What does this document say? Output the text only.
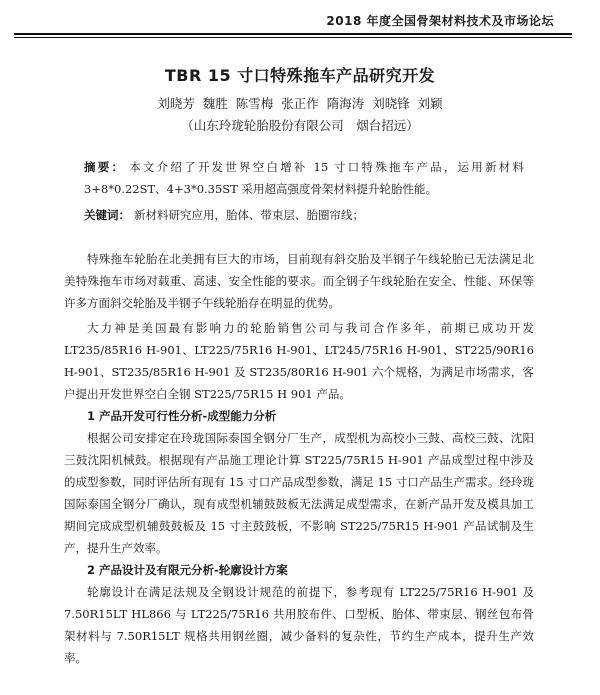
2018 年度全国骨架材料技术及市场论坛
TBR 15 寸口特殊拖车产品研究开发
刘晓芳 魏胜 陈雪梅 张正作 隋海涛 刘晓锋 刘颖
（山东玲珑轮胎股份有限公司　烟台招远）
摘要： 本文介绍了开发世界空白增补 15 寸口特殊拖车产品，运用新材料 3+8*0.22ST、4+3*0.35ST 采用超高强度骨架材料提升轮胎性能。
关键词： 新材料研究应用，胎体、带束层、胎圈帘线；

特殊拖车轮胎在北美拥有巨大的市场，目前现有斜交胎及半钢子午线轮胎已无法满足北美特殊拖车市场对载重、高速、安全性能的要求。而全钢子午线轮胎在安全、性能、环保等许多方面斜交轮胎及半钢子午线轮胎存在明显的优势。

大力神是美国最有影响力的轮胎销售公司与我司合作多年，前期已成功开发 LT235/85R16 H-901、LT225/75R16 H-901、LT245/75R16 H-901、ST225/90R16 H-901、ST235/85R16 H-901 及 ST235/80R16 H-901 六个规格，为满足市场需求，客户提出开发世界空白全钢 ST225/75R15 H 901 产品。

1 产品开发可行性分析-成型能力分析

根据公司安排定在玲珑国际泰国全钢分厂生产，成型机为高校小三鼓、高校三鼓、沈阳三鼓沈阳机械鼓。根据现有产品施工理论计算 ST225/75R15 H-901 产品成型过程中涉及的成型参数，同时评估所有现有 15 寸口产品成型参数，满足 15 寸口产品生产需求。经玲珑国际泰国全钢分厂确认，现有成型机辅鼓鼓板无法满足成型需求，在新产品开发及模具加工期间完成成型机辅鼓鼓板及 15 寸主鼓鼓板，不影响 ST225/75R15 H-901 产品试制及生产，提升生产效率。

2 产品设计及有限元分析-轮廓设计方案

轮廓设计在满足法规及全钢设计规范的前提下，参考现有 LT225/75R16 H-901 及 7.50R15LT HL866 与 LT225/75R16 共用胶布件、口型板、胎体、带束层、钢丝包布骨架材料与 7.50R15LT 规格共用钢丝圈，减少备料的复杂性，节约生产成本，提升生产效率。
